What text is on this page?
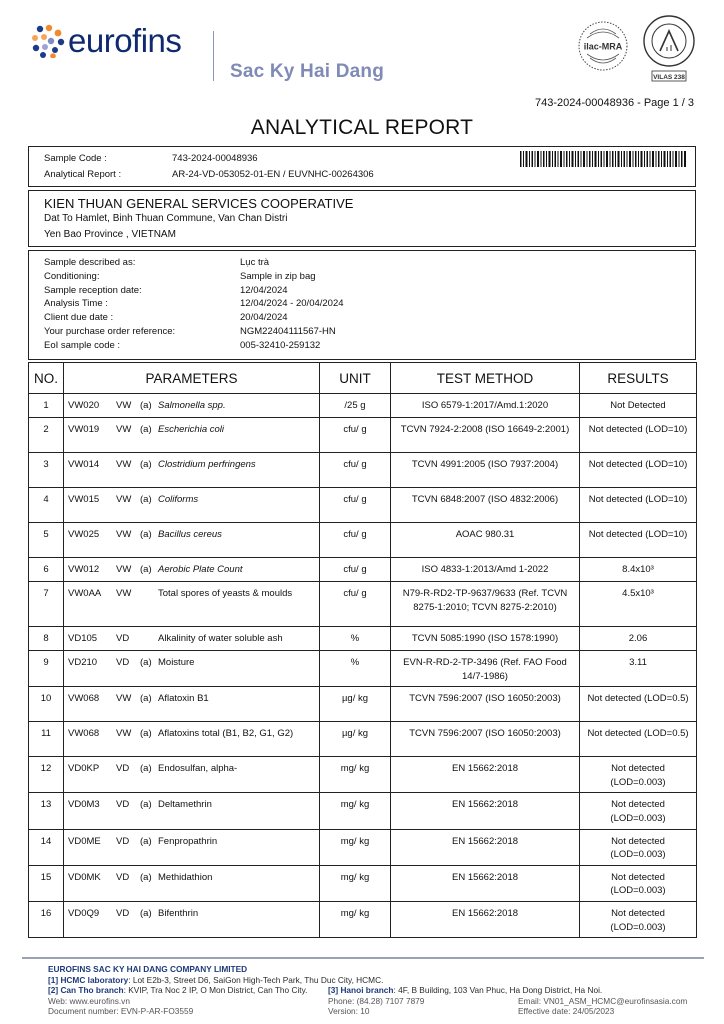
eurofins
Sac Ky Hai Dang
ilac-MRA
VILAS 238
743-2024-00048936 - Page 1 / 3
ANALYTICAL REPORT
Sample Code :	743-2024-00048936
Analytical Report :	AR-24-VD-053052-01-EN / EUVNHC-00264306
KIEN THUAN GENERAL SERVICES COOPERATIVE
Dat To Hamlet, Binh Thuan Commune, Van Chan Distri
Yen Bao Province , VIETNAM
Sample described as:	Lục trà
Conditioning:	Sample in zip bag
Sample reception date:	12/04/2024
Analysis Time :	12/04/2024 - 20/04/2024
Client due date :	20/04/2024
Your purchase order reference:	NGM22404111567-HN
EoI sample code :	005-32410-259132
NO.	PARAMETERS	UNIT	TEST METHOD	RESULTS
1	VW020 VW (a) Salmonella spp.	/25 g	ISO 6579-1:2017/Amd.1:2020	Not Detected
2	VW019 VW (a) Escherichia coli	cfu/ g	TCVN 7924-2:2008 (ISO 16649-2:2001)	Not detected (LOD=10)
3	VW014 VW (a) Clostridium perfringens	cfu/ g	TCVN 4991:2005 (ISO 7937:2004)	Not detected (LOD=10)
4	VW015 VW (a) Coliforms	cfu/ g	TCVN 6848:2007 (ISO 4832:2006)	Not detected (LOD=10)
5	VW025 VW (a) Bacillus cereus	cfu/ g	AOAC 980.31	Not detected (LOD=10)
6	VW012 VW (a) Aerobic Plate Count	cfu/ g	ISO 4833-1:2013/Amd 1-2022	8.4x10³
7	VW0AA VW Total spores of yeasts & moulds	cfu/ g	N79-R-RD2-TP-9637/9633 (Ref. TCVN 8275-1:2010; TCVN 8275-2:2010)	4.5x10³
8	VD105 VD Alkalinity of water soluble ash	%	TCVN 5085:1990 (ISO 1578:1990)	2.06
9	VD210 VD (a) Moisture	%	EVN-R-RD-2-TP-3496 (Ref. FAO Food 14/7-1986)	3.11
10	VW068 VW (a) Aflatoxin B1	µg/ kg	TCVN 7596:2007 (ISO 16050:2003)	Not detected (LOD=0.5)
11	VW068 VW (a) Aflatoxins total (B1, B2, G1, G2)	µg/ kg	TCVN 7596:2007 (ISO 16050:2003)	Not detected (LOD=0.5)
12	VD0KP VD (a) Endosulfan, alpha-	mg/ kg	EN 15662:2018	Not detected (LOD=0.003)
13	VD0M3 VD (a) Deltamethrin	mg/ kg	EN 15662:2018	Not detected (LOD=0.003)
14	VD0ME VD (a) Fenpropathrin	mg/ kg	EN 15662:2018	Not detected (LOD=0.003)
15	VD0MK VD (a) Methidathion	mg/ kg	EN 15662:2018	Not detected (LOD=0.003)
16	VD0Q9 VD (a) Bifenthrin	mg/ kg	EN 15662:2018	Not detected (LOD=0.003)
EUROFINS SAC KY HAI DANG COMPANY LIMITED
[1] HCMC laboratory: Lot E2b-3, Street D6, SaiGon High-Tech Park, Thu Duc City, HCMC.
[2] Can Tho branch: KVIP, Tra Noc 2 IP, O Mon District, Can Tho City. [3] Hanoi branch: 4F, B Building, 103 Van Phuc, Ha Dong District, Ha Noi.
Web: www.eurofins.vn	Phone: (84.28) 7107 7879	Email: VN01_ASM_HCMC@eurofinsasia.com
Document number: EVN-P-AR-FO3559	Version: 10	Effective date: 24/05/2023
